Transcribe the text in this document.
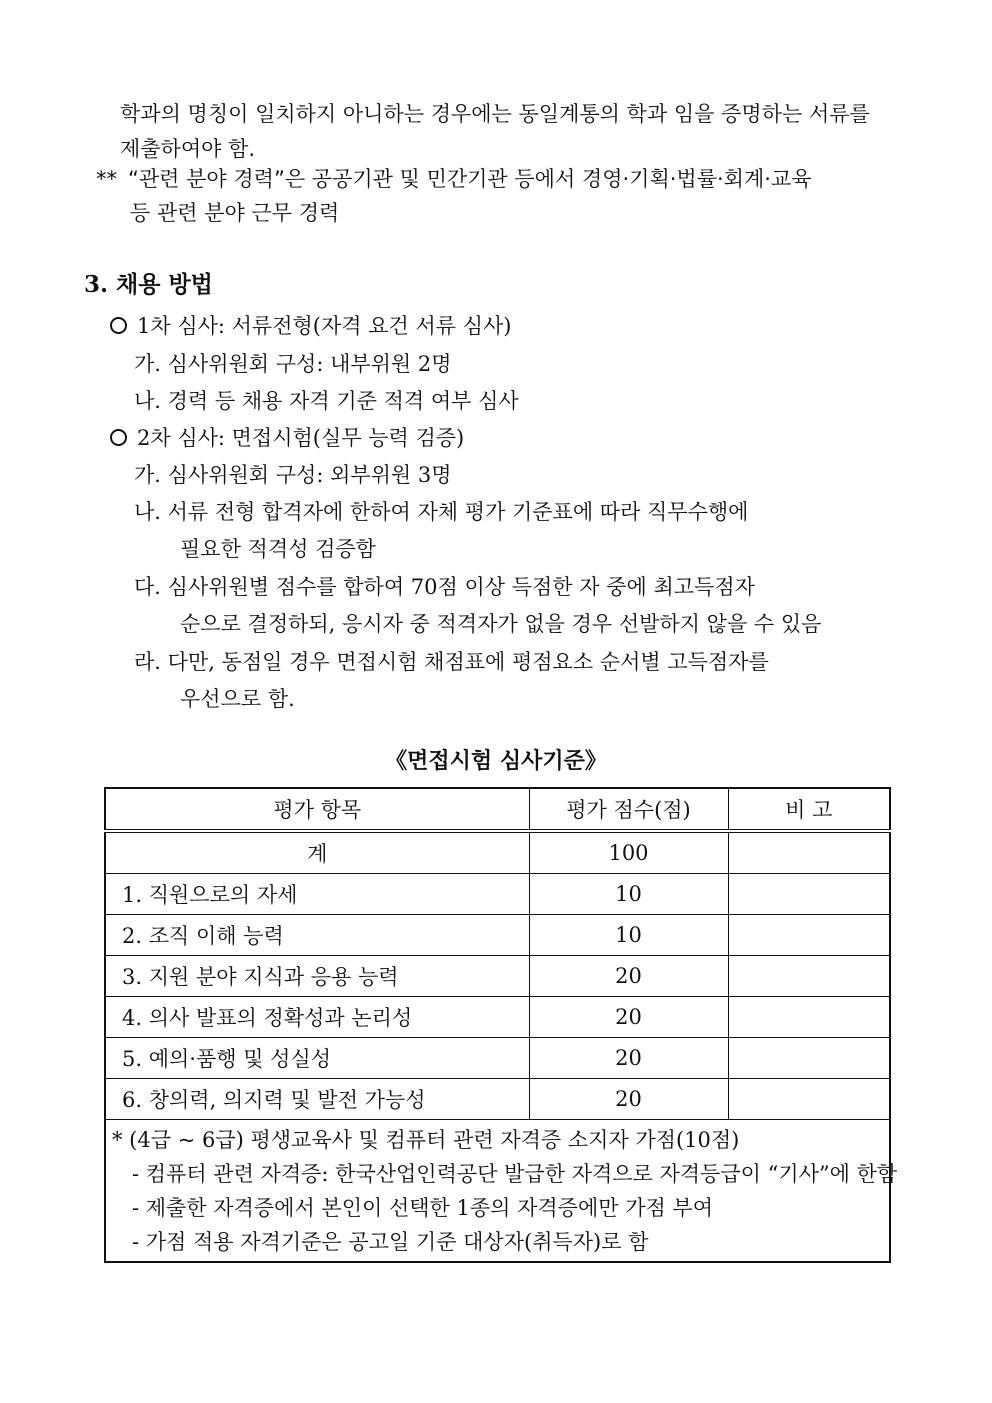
학과의 명칭이 일치하지 아니하는 경우에는 동일계통의 학과 임을 증명하는 서류를
제출하여야 함.
** “관련 분야 경력”은 공공기관 및 민간기관 등에서 경영·기획·법률·회계·교육
등 관련 분야 근무 경력
3. 채용 방법
1차 심사: 서류전형(자격 요건 서류 심사)
가. 심사위원회 구성: 내부위원 2명
나. 경력 등 채용 자격 기준 적격 여부 심사
2차 심사: 면접시험(실무 능력 검증)
가. 심사위원회 구성: 외부위원 3명
나. 서류 전형 합격자에 한하여 자체 평가 기준표에 따라 직무수행에
필요한 적격성 검증함
다. 심사위원별 점수를 합하여 70점 이상 득점한 자 중에 최고득점자
순으로 결정하되, 응시자 중 적격자가 없을 경우 선발하지 않을 수 있음
라. 다만, 동점일 경우 면접시험 채점표에 평점요소 순서별 고득점자를
우선으로 함.
《면접시험 심사기준》
평가 항목	평가 점수(점)	비 고
계	100	
1. 직원으로의 자세	10	
2. 조직 이해 능력	10	
3. 지원 분야 지식과 응용 능력	20	
4. 의사 발표의 정확성과 논리성	20	
5. 예의·품행 및 성실성	20	
6. 창의력, 의지력 및 발전 가능성	20	

* (4급 ~ 6급) 평생교육사 및 컴퓨터 관련 자격증 소지자 가점(10점)
- 컴퓨터 관련 자격증: 한국산업인력공단 발급한 자격으로 자격등급이 “기사”에 한함
- 제출한 자격증에서 본인이 선택한 1종의 자격증에만 가점 부여
- 가점 적용 자격기준은 공고일 기준 대상자(취득자)로 함		
